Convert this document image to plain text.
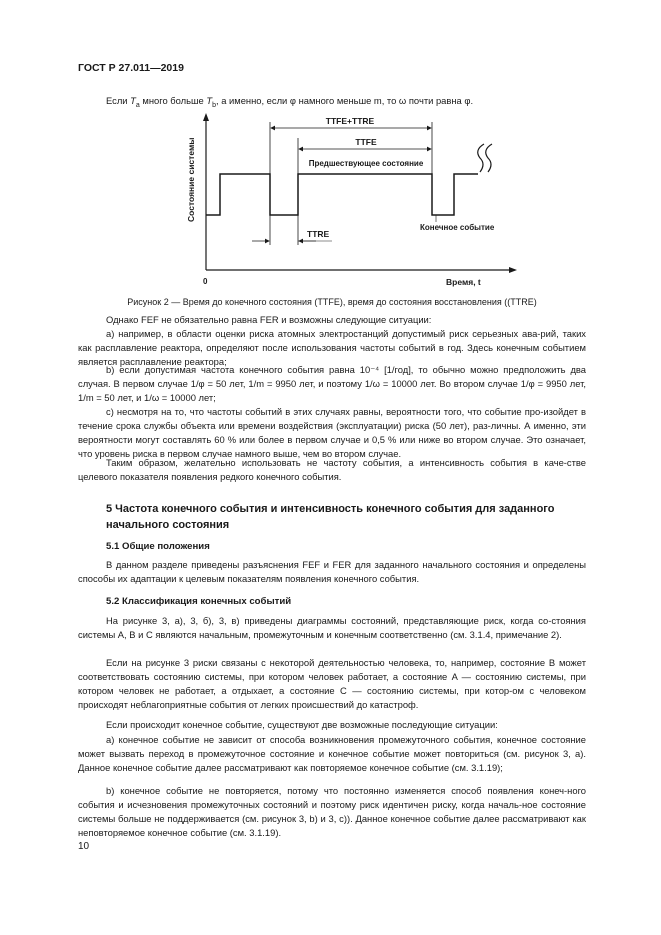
ГОСТ Р 27.011—2019
Если $T_a$ много больше $T_b$, а именно, если φ намного меньше m, то ω почти равна φ.
TTFE+TTRE
TTFE
Предшествующее состояние
TTRE
Конечное событие
0	Время, t
Состояние системы
Рисунок 2 — Время до конечного состояния (TTFE), время до состояния восстановления ((TTRE)
Однако FEF не обязательно равна FER и возможны следующие ситуации:
a) например, в области оценки риска атомных электростанций допустимый риск серьезных ава-рий, таких как расплавление реактора, определяют после использования частоты событий в год. Здесь конечным событием является расплавление реактора;
b) если допустимая частота конечного события равна 10⁻⁴ [1/год], то обычно можно предположить два случая. В первом случае 1/φ = 50 лет, 1/m = 9950 лет, и поэтому 1/ω = 10000 лет. Во втором случае 1/φ = 9950 лет, 1/m = 50 лет, и 1/ω = 10000 лет;
c) несмотря на то, что частоты событий в этих случаях равны, вероятности того, что событие про-изойдет в течение срока службы объекта или времени воздействия (эксплуатации) риска (50 лет), раз-личны. А именно, эти вероятности могут составлять 60 % или более в первом случае и 0,5 % или ниже во втором случае. Это означает, что уровень риска в первом случае намного выше, чем во втором случае.
Таким образом, желательно использовать не частоту события, а интенсивность события в каче-стве целевого показателя появления редкого конечного события.
5 Частота конечного события и интенсивность конечного события для заданного начального состояния
5.1 Общие положения
В данном разделе приведены разъяснения FEF и FER для заданного начального состояния и определены способы их адаптации к целевым показателям появления конечного события.
5.2 Классификация конечных событий
На рисунке 3, а), 3, б), 3, в) приведены диаграммы состояний, представляющие риск, когда со-стояния системы A, B и C являются начальным, промежуточным и конечным соответственно (см. 3.1.4, примечание 2).
Если на рисунке 3 риски связаны с некоторой деятельностью человека, то, например, состояние B может соответствовать состоянию системы, при котором человек работает, а состояние A — состоянию системы, при котором человек не работает, а отдыхает, а состояние C — состоянию системы, при котор-ом с человеком происходят неблагоприятные события от легких происшествий до катастроф.
Если происходит конечное событие, существуют две возможные последующие ситуации:
a) конечное событие не зависит от способа возникновения промежуточного события, конечное состояние может вызвать переход в промежуточное состояние и конечное событие может повториться (см. рисунок 3, а). Данное конечное событие далее рассматривают как повторяемое конечное событие (см. 3.1.19);
b) конечное событие не повторяется, потому что постоянно изменяется способ появления конеч-ного события и исчезновения промежуточных состояний и поэтому риск идентичен риску, когда началь-ное состояние системы больше не поддерживается (см. рисунок 3, b) и 3, c)). Данное конечное событие далее рассматривают как неповторяемое конечное событие (см. 3.1.19).
10
